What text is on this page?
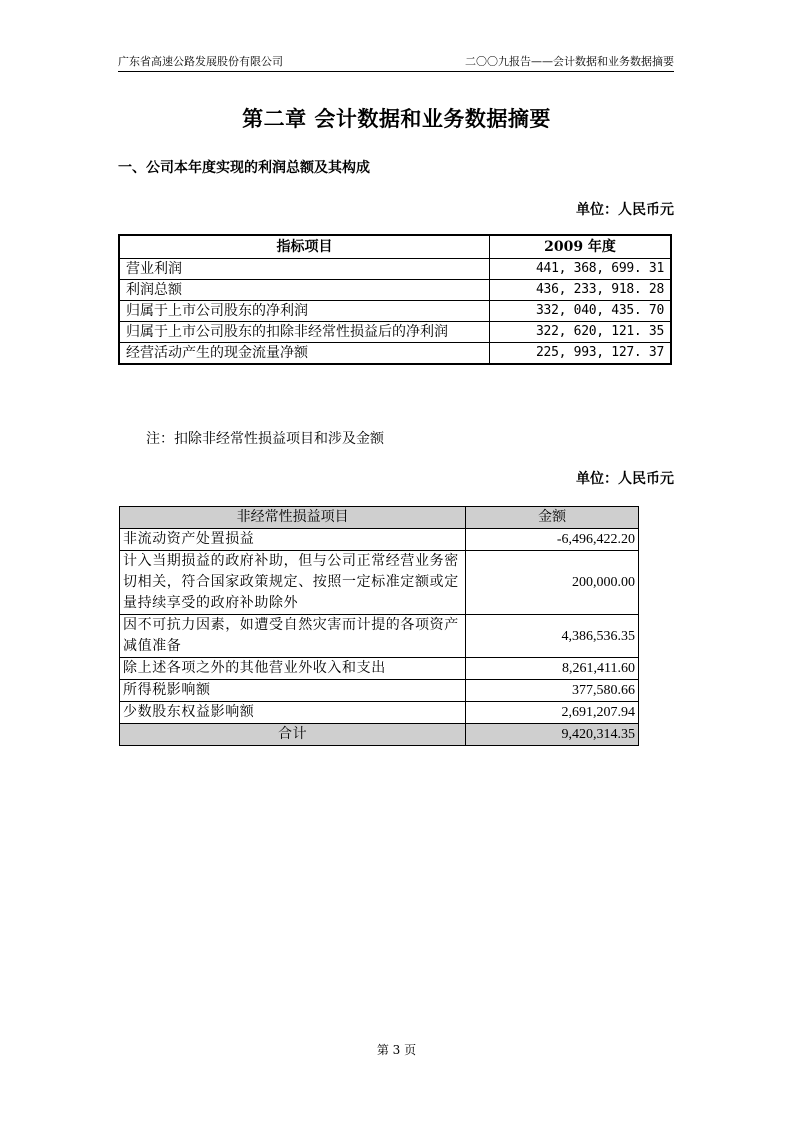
广东省高速公路发展股份有限公司	二〇〇九报告——会计数据和业务数据摘要
第二章 会计数据和业务数据摘要
一、公司本年度实现的利润总额及其构成
单位：人民币元
指标项目	2009 年度
营业利润	441, 368, 699. 31
利润总额	436, 233, 918. 28
归属于上市公司股东的净利润	332, 040, 435. 70
归属于上市公司股东的扣除非经常性损益后的净利润	322, 620, 121. 35
经营活动产生的现金流量净额	225, 993, 127. 37
注：扣除非经常性损益项目和涉及金额
单位：人民币元
非经常性损益项目	金额
非流动资产处置损益	-6,496,422.20
计入当期损益的政府补助，但与公司正常经营业务密切相关，符合国家政策规定、按照一定标准定额或定量持续享受的政府补助除外	200,000.00
因不可抗力因素，如遭受自然灾害而计提的各项资产减值准备	4,386,536.35
除上述各项之外的其他营业外收入和支出	8,261,411.60
所得税影响额	377,580.66
少数股东权益影响额	2,691,207.94
合计	9,420,314.35
第 3 页
